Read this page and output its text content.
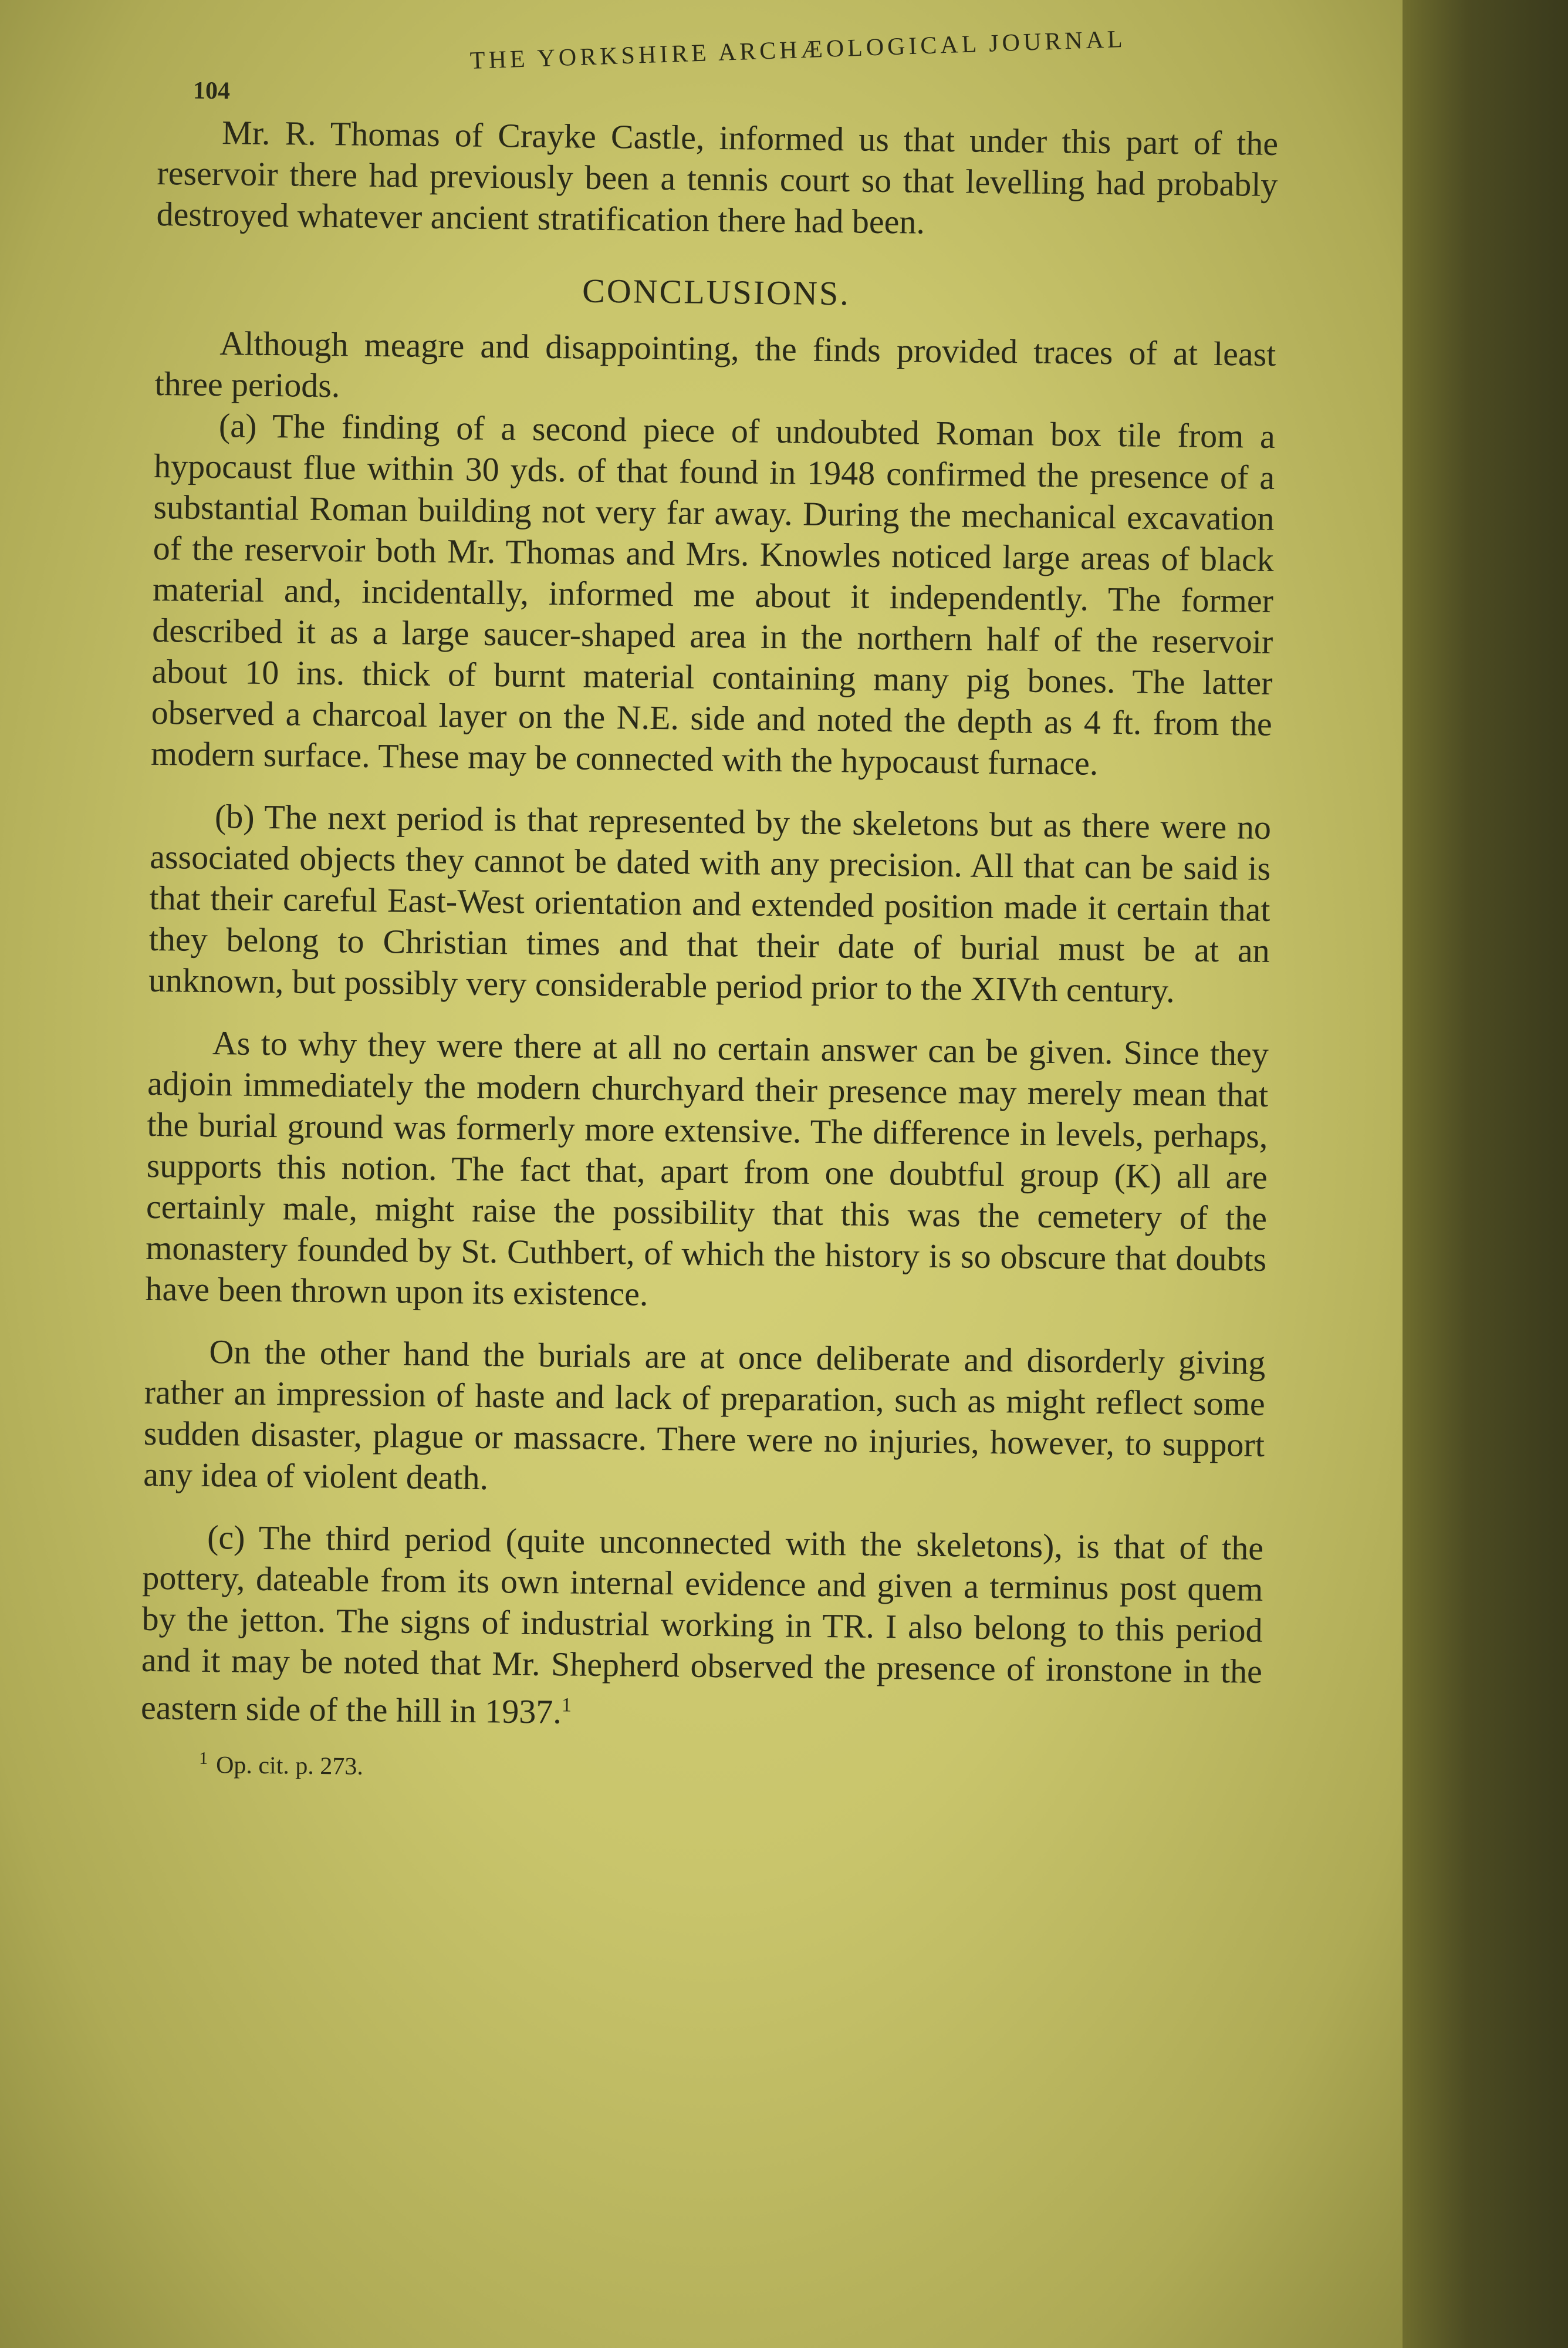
104
THE YORKSHIRE ARCHÆOLOGICAL JOURNAL

Mr. R. Thomas of Crayke Castle, informed us that under this part of the reservoir there had previously been a tennis court so that levelling had probably destroyed whatever ancient stratification there had been.

CONCLUSIONS.

Although meagre and disappointing, the finds provided traces of at least three periods.

(a) The finding of a second piece of undoubted Roman box tile from a hypocaust flue within 30 yds. of that found in 1948 confirmed the presence of a substantial Roman building not very far away. During the mechanical excavation of the reservoir both Mr. Thomas and Mrs. Knowles noticed large areas of black material and, incidentally, informed me about it independently. The former described it as a large saucer-shaped area in the northern half of the reservoir about 10 ins. thick of burnt material containing many pig bones. The latter observed a charcoal layer on the N.E. side and noted the depth as 4 ft. from the modern surface. These may be connected with the hypocaust furnace.

(b) The next period is that represented by the skeletons but as there were no associated objects they cannot be dated with any precision. All that can be said is that their careful East-West orientation and extended position made it certain that they belong to Christian times and that their date of burial must be at an unknown, but possibly very considerable period prior to the XIVth century.

As to why they were there at all no certain answer can be given. Since they adjoin immediately the modern churchyard their presence may merely mean that the burial ground was formerly more extensive. The difference in levels, perhaps, supports this notion. The fact that, apart from one doubtful group (K) all are certainly male, might raise the possibility that this was the cemetery of the monastery founded by St. Cuthbert, of which the history is so obscure that doubts have been thrown upon its existence.

On the other hand the burials are at once deliberate and disorderly giving rather an impression of haste and lack of preparation, such as might reflect some sudden disaster, plague or massacre. There were no injuries, however, to support any idea of violent death.

(c) The third period (quite unconnected with the skeletons), is that of the pottery, dateable from its own internal evidence and given a terminus post quem by the jetton. The signs of industrial working in TR. I also belong to this period and it may be noted that Mr. Shepherd observed the presence of ironstone in the eastern side of the hill in 1937.$^1$

$^1$ Op. cit. p. 273.
